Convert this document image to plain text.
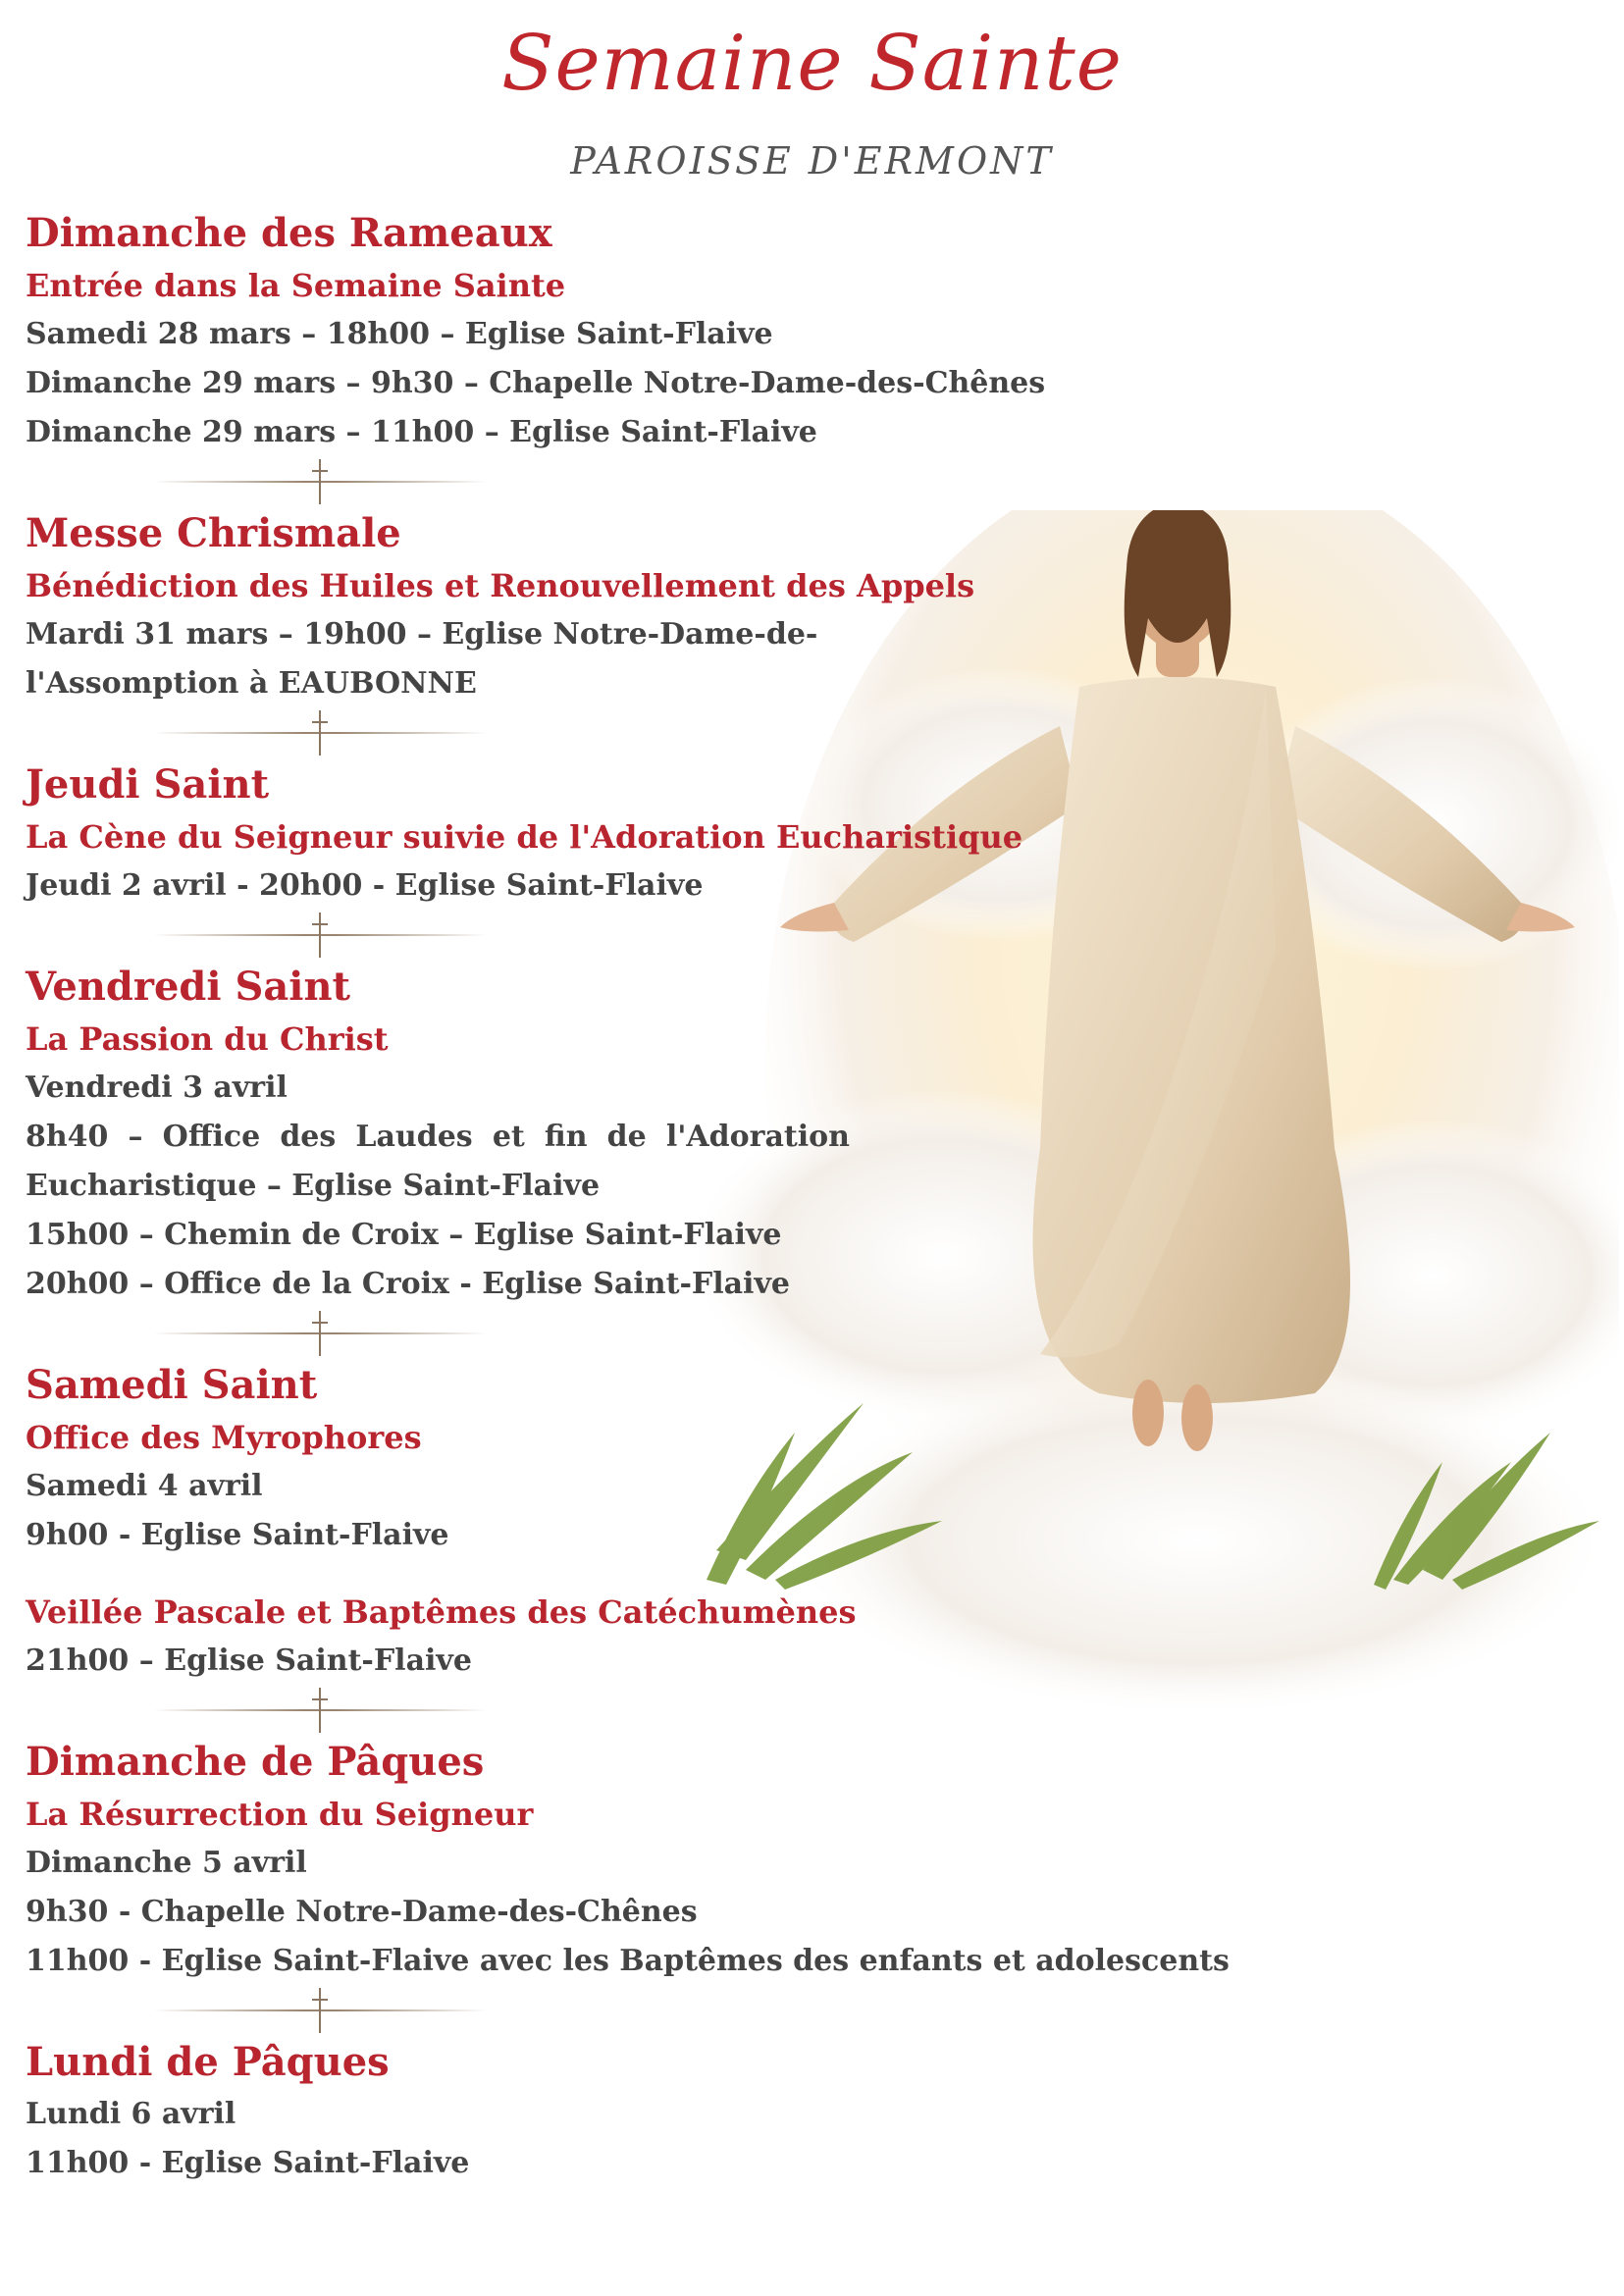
Semaine Sainte
PAROISSE D'ERMONT
Dimanche des Rameaux
Entrée dans la Semaine Sainte
Samedi 28 mars – 18h00 – Eglise Saint-Flaive
Dimanche 29 mars – 9h30 – Chapelle Notre-Dame-des-Chênes
Dimanche 29 mars – 11h00 – Eglise Saint-Flaive
Messe Chrismale
Bénédiction des Huiles et Renouvellement des Appels
Mardi 31 mars – 19h00 – Eglise Notre-Dame-de-l'Assomption à EAUBONNE
Jeudi Saint
La Cène du Seigneur suivie de l'Adoration Eucharistique
Jeudi 2 avril - 20h00 - Eglise Saint-Flaive
Vendredi Saint
La Passion du Christ
Vendredi 3 avril
8h40 – Office des Laudes et fin de l'Adoration Eucharistique – Eglise Saint-Flaive
15h00 – Chemin de Croix – Eglise Saint-Flaive
20h00 – Office de la Croix - Eglise Saint-Flaive
Samedi Saint
Office des Myrophores
Samedi 4 avril
9h00 - Eglise Saint-Flaive
Veillée Pascale et Baptêmes des Catéchumènes
21h00 – Eglise Saint-Flaive
Dimanche de Pâques
La Résurrection du Seigneur
Dimanche 5 avril
9h30 - Chapelle Notre-Dame-des-Chênes
11h00 - Eglise Saint-Flaive avec les Baptêmes des enfants et adolescents
Lundi de Pâques
Lundi 6 avril
11h00 - Eglise Saint-Flaive
